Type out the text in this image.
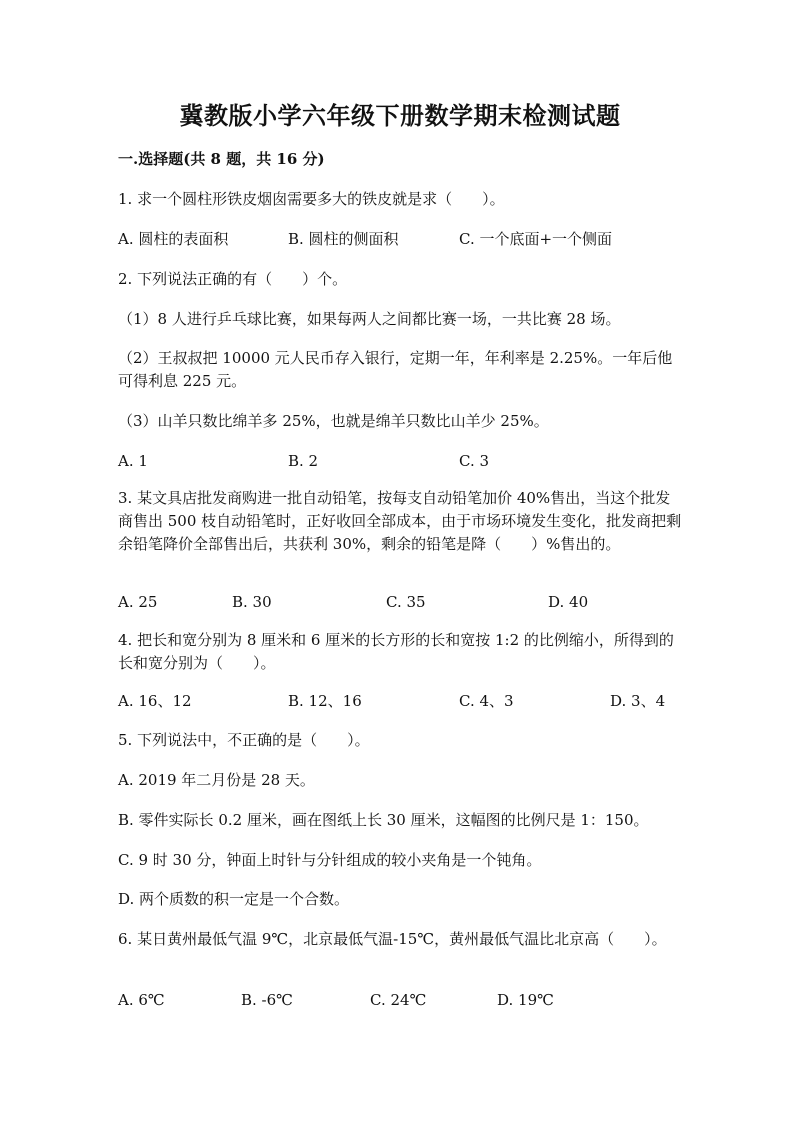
冀教版小学六年级下册数学期末检测试题
一.选择题(共 8 题，共 16 分)
1. 求一个圆柱形铁皮烟囱需要多大的铁皮就是求（　　）。
A. 圆柱的表面积	B. 圆柱的侧面积	C. 一个底面+一个侧面
2. 下列说法正确的有（　　）个。
（1）8 人进行乒乓球比赛，如果每两人之间都比赛一场，一共比赛 28 场。
（2）王叔叔把 10000 元人民币存入银行，定期一年，年利率是 2.25%。一年后他可得利息 225 元。
（3）山羊只数比绵羊多 25%，也就是绵羊只数比山羊少 25%。
A. 1	B. 2	C. 3
3. 某文具店批发商购进一批自动铅笔，按每支自动铅笔加价 40%售出，当这个批发商售出 500 枝自动铅笔时，正好收回全部成本，由于市场环境发生变化，批发商把剩余铅笔降价全部售出后，共获利 30%，剩余的铅笔是降（　　）%售出的。
A. 25	B. 30	C. 35	D. 40
4. 把长和宽分别为 8 厘米和 6 厘米的长方形的长和宽按 1:2 的比例缩小，所得到的长和宽分别为（　　）。
A. 16、12	B. 12、16	C. 4、3	D. 3、4
5. 下列说法中，不正确的是（　　）。
A. 2019 年二月份是 28 天。
B. 零件实际长 0.2 厘米，画在图纸上长 30 厘米，这幅图的比例尺是 1：150。
C. 9 时 30 分，钟面上时针与分针组成的较小夹角是一个钝角。
D. 两个质数的积一定是一个合数。
6. 某日黄州最低气温 9℃，北京最低气温-15℃，黄州最低气温比北京高（　　）。
A. 6℃	B. -6℃	C. 24℃	D. 19℃
